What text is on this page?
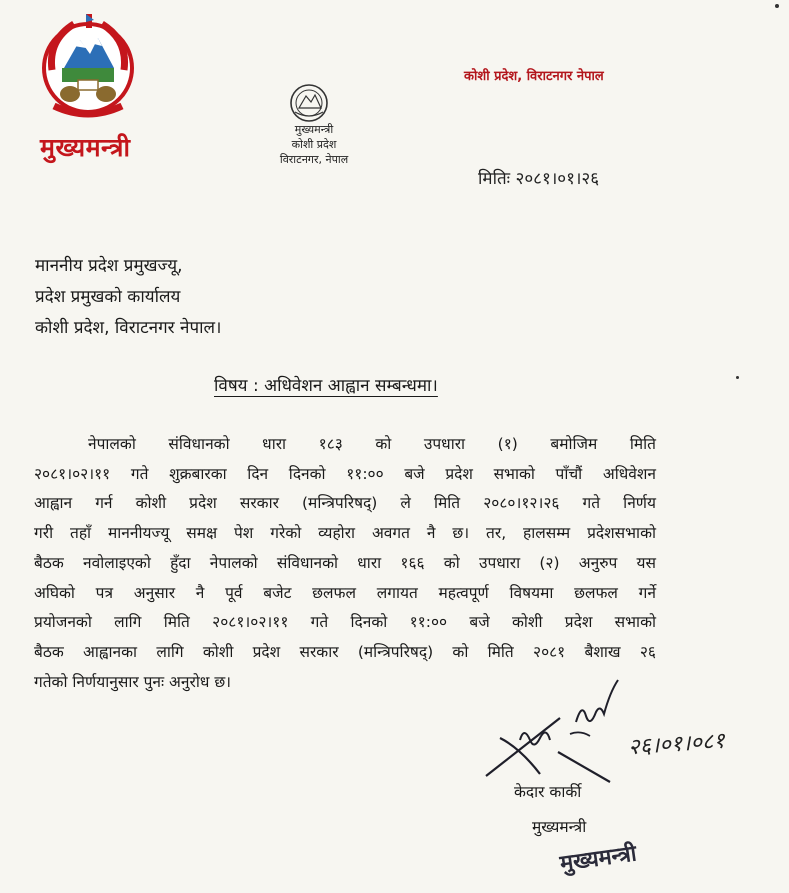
मुख्यमन्त्री
कोशी प्रदेश, विराटनगर नेपाल
मुख्यमन्त्री
कोशी प्रदेश
विराटनगर, नेपाल
मितिः २०८१।०१।२६
माननीय प्रदेश प्रमुखज्यू,
प्रदेश प्रमुखको कार्यालय
कोशी प्रदेश, विराटनगर नेपाल।
विषय : अधिवेशन आह्वान सम्बन्धमा।
नेपालको संविधानको धारा १८३ को उपधारा (१) बमोजिम मिति
२०८१।०२।११ गते शुक्रबारका दिन दिनको ११:०० बजे प्रदेश सभाको पाँचौं अधिवेशन
आह्वान गर्न कोशी प्रदेश सरकार (मन्त्रिपरिषद्) ले मिति २०८०।१२।२६ गते निर्णय
गरी तहाँ माननीयज्यू समक्ष पेश गरेको व्यहोरा अवगत नै छ। तर, हालसम्म प्रदेशसभाको
बैठक नवोलाइएको हुँदा नेपालको संविधानको धारा १६६ को उपधारा (२) अनुरुप यस
अघिको पत्र अनुसार नै पूर्व बजेट छलफल लगायत महत्वपूर्ण विषयमा छलफल गर्ने
प्रयोजनको लागि मिति २०८१।०२।११ गते दिनको ११:०० बजे कोशी प्रदेश सभाको
बैठक आह्वानका लागि कोशी प्रदेश सरकार (मन्त्रिपरिषद्) को मिति २०८१ बैशाख २६
गतेको निर्णयानुसार पुनः अनुरोध छ।
२६।०१।०८१
केदार कार्की
मुख्यमन्त्री
मुख्यमन्त्री
